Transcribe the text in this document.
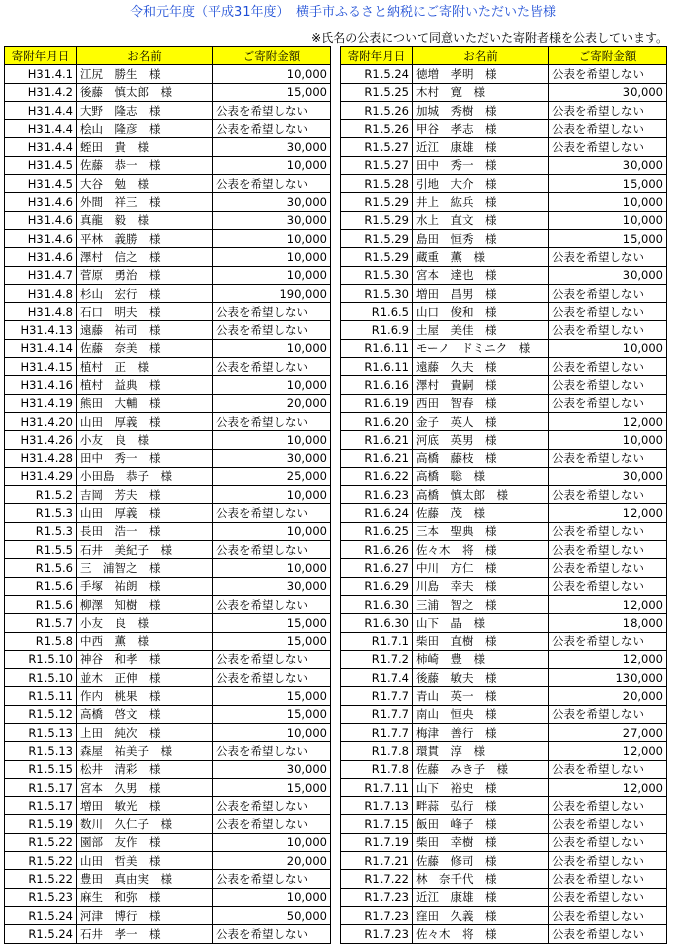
令和元年度（平成31年度）　横手市ふるさと納税にご寄附いただいた皆様
※氏名の公表について同意いただいた寄附者様を公表しています。
寄附年月日	お名前	ご寄附金額
H31.4.1	江尻　勝生　様	10,000
H31.4.2	後藤　慎太郎　様	15,000
H31.4.4	大野　隆志　様	公表を希望しない
H31.4.4	桧山　隆彦　様	公表を希望しない
H31.4.4	蛭田　貴　様	30,000
H31.4.5	佐藤　恭一　様	10,000
H31.4.5	大谷　勉　様	公表を希望しない
H31.4.6	外間　祥三　様	30,000
H31.4.6	真龍　毅　様	30,000
H31.4.6	平林　義勝　様	10,000
H31.4.6	澤村　信之　様	10,000
H31.4.7	菅原　勇治　様	10,000
H31.4.8	杉山　宏行　様	190,000
H31.4.8	石口　明夫　様	公表を希望しない
H31.4.13	遠藤　祐司　様	公表を希望しない
H31.4.14	佐藤　奈美　様	10,000
H31.4.15	植村　正　様	公表を希望しない
H31.4.16	植村　益典　様	10,000
H31.4.19	熊田　大輔　様	20,000
H31.4.20	山田　厚義　様	公表を希望しない
H31.4.26	小友　良　様	10,000
H31.4.28	田中　秀一　様	30,000
H31.4.29	小田島　恭子　様	25,000
R1.5.2	吉岡　芳夫　様	10,000
R1.5.3	山田　厚義　様	公表を希望しない
R1.5.3	長田　浩一　様	10,000
R1.5.5	石井　美紀子　様	公表を希望しない
R1.5.6	三　浦智之　様	10,000
R1.5.6	手塚　祐朗　様	30,000
R1.5.6	柳澤　知樹　様	公表を希望しない
R1.5.7	小友　良　様	15,000
R1.5.8	中西　薫　様	15,000
R1.5.10	神谷　和孝　様	公表を希望しない
R1.5.10	並木　正伸　様	公表を希望しない
R1.5.11	作内　桃果　様	15,000
R1.5.12	高橋　啓文　様	15,000
R1.5.13	上田　純次　様	10,000
R1.5.13	森屋　祐美子　様	公表を希望しない
R1.5.15	松井　清彩　様	30,000
R1.5.17	宮本　久男　様	15,000
R1.5.17	増田　敏光　様	公表を希望しない
R1.5.19	数川　久仁子　様	公表を希望しない
R1.5.22	園部　友作　様	10,000
R1.5.22	山田　哲美　様	20,000
R1.5.22	豊田　真由実　様	公表を希望しない
R1.5.23	麻生　和弥　様	10,000
R1.5.24	河津　博行　様	50,000
R1.5.24	石井　孝一　様	公表を希望しない
寄附年月日	お名前	ご寄附金額
R1.5.24	徳増　孝明　様	公表を希望しない
R1.5.25	木村　寛　様	30,000
R1.5.26	加城　秀樹　様	公表を希望しない
R1.5.26	甲谷　孝志　様	公表を希望しない
R1.5.27	近江　康雄　様	公表を希望しない
R1.5.27	田中　秀一　様	30,000
R1.5.28	引地　大介　様	15,000
R1.5.29	井上　紘兵　様	10,000
R1.5.29	水上　直文　様	10,000
R1.5.29	島田　恒秀　様	15,000
R1.5.29	蔵重　薫　様	公表を希望しない
R1.5.30	宮本　達也　様	30,000
R1.5.30	増田　昌男　様	公表を希望しない
R1.6.5	山口　俊和　様	公表を希望しない
R1.6.9	土屋　美佳　様	公表を希望しない
R1.6.11	モーノ　ドミニク　様	10,000
R1.6.11	遠藤　久夫　様	公表を希望しない
R1.6.16	澤村　貴嗣　様	公表を希望しない
R1.6.19	西田　智春　様	公表を希望しない
R1.6.20	金子　英人　様	12,000
R1.6.21	河底　英男　様	10,000
R1.6.21	高橋　藤枝　様	公表を希望しない
R1.6.22	高橋　聡　様	30,000
R1.6.23	高橋　慎太郎　様	公表を希望しない
R1.6.24	佐藤　茂　様	12,000
R1.6.25	三本　聖典　様	公表を希望しない
R1.6.26	佐々木　将　様	公表を希望しない
R1.6.27	中川　方仁　様	公表を希望しない
R1.6.29	川島　幸夫　様	公表を希望しない
R1.6.30	三浦　智之　様	12,000
R1.6.30	山下　晶　様	18,000
R1.7.1	柴田　直樹　様	公表を希望しない
R1.7.2	柿崎　豊　様	12,000
R1.7.4	後藤　敏夫　様	130,000
R1.7.7	青山　英一　様	20,000
R1.7.7	南山　恒央　様	公表を希望しない
R1.7.7	梅津　善行　様	27,000
R1.7.8	環貫　淳　様	12,000
R1.7.8	佐藤　みき子　様	公表を希望しない
R1.7.11	山下　裕史　様	12,000
R1.7.13	畔蒜　弘行　様	公表を希望しない
R1.7.15	飯田　峰子　様	公表を希望しない
R1.7.19	柴田　幸樹　様	公表を希望しない
R1.7.21	佐藤　修司　様	公表を希望しない
R1.7.22	林　奈千代　様	公表を希望しない
R1.7.23	近江　康雄　様	公表を希望しない
R1.7.23	窪田　久義　様	公表を希望しない
R1.7.23	佐々木　将　様	公表を希望しない
